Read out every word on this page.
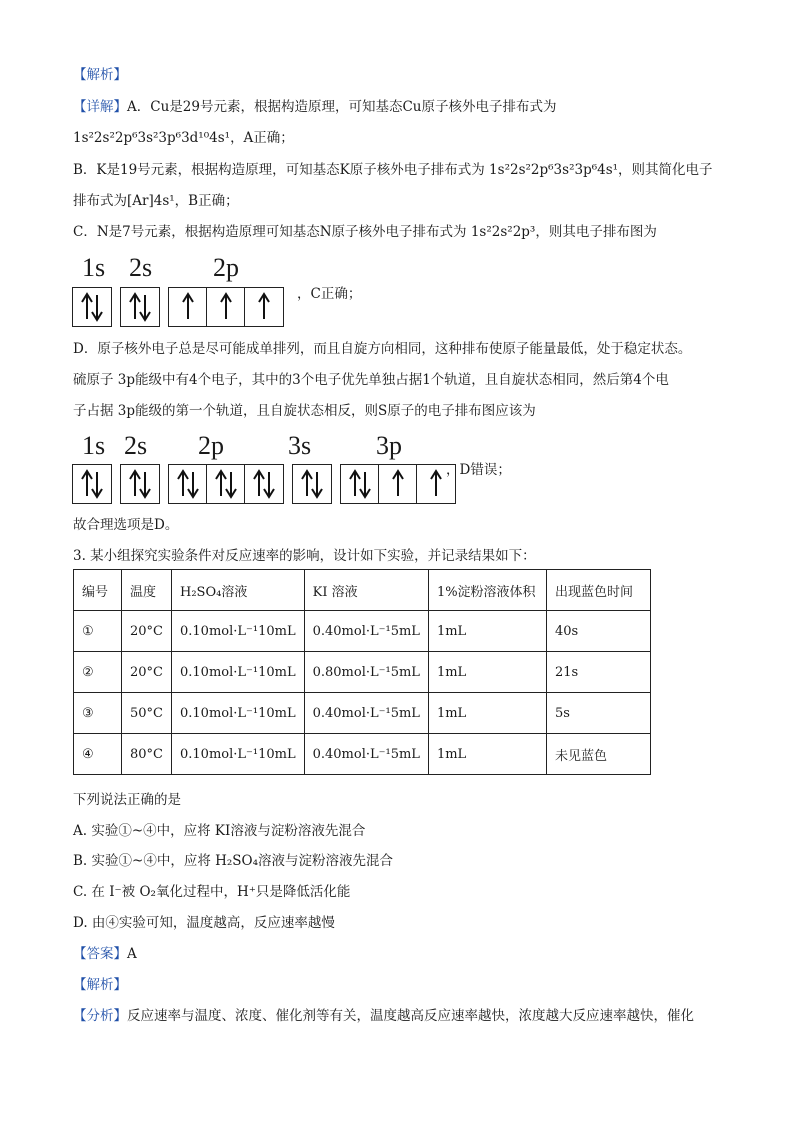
【解析】
【详解】A．Cu是29号元素，根据构造原理，可知基态Cu原子核外电子排布式为
1s²2s²2p⁶3s²3p⁶3d¹⁰4s¹，A正确；
B．K是19号元素，根据构造原理，可知基态K原子核外电子排布式为 1s²2s²2p⁶3s²3p⁶4s¹，则其简化电子
排布式为[Ar]4s¹，B正确；
C．N是7号元素，根据构造原理可知基态N原子核外电子排布式为 1s²2s²2p³，则其电子排布图为
1s 2s 2p
，C正确；
D．原子核外电子总是尽可能成单排列，而且自旋方向相同，这种排布使原子能量最低，处于稳定状态。
硫原子 3p能级中有4个电子，其中的3个电子优先单独占据1个轨道，且自旋状态相同，然后第4个电
子占据 3p能级的第一个轨道，且自旋状态相反，则S原子的电子排布图应该为
1s 2s 2p 3s 3p
，D错误；
故合理选项是D。
3. 某小组探究实验条件对反应速率的影响，设计如下实验，并记录结果如下：
编号	温度	H₂SO₄溶液	KI 溶液	1%淀粉溶液体积	出现蓝色时间
①	20°C	0.10mol·L⁻¹10mL	0.40mol·L⁻¹5mL	1mL	40s
②	20°C	0.10mol·L⁻¹10mL	0.80mol·L⁻¹5mL	1mL	21s
③	50°C	0.10mol·L⁻¹10mL	0.40mol·L⁻¹5mL	1mL	5s
④	80°C	0.10mol·L⁻¹10mL	0.40mol·L⁻¹5mL	1mL	未见蓝色
下列说法正确的是
A. 实验①~④中，应将 KI溶液与淀粉溶液先混合
B. 实验①~④中，应将 H₂SO₄溶液与淀粉溶液先混合
C. 在 I⁻被 O₂氧化过程中，H⁺只是降低活化能
D. 由④实验可知，温度越高，反应速率越慢
【答案】A
【解析】
【分析】反应速率与温度、浓度、催化剂等有关，温度越高反应速率越快，浓度越大反应速率越快，催化
